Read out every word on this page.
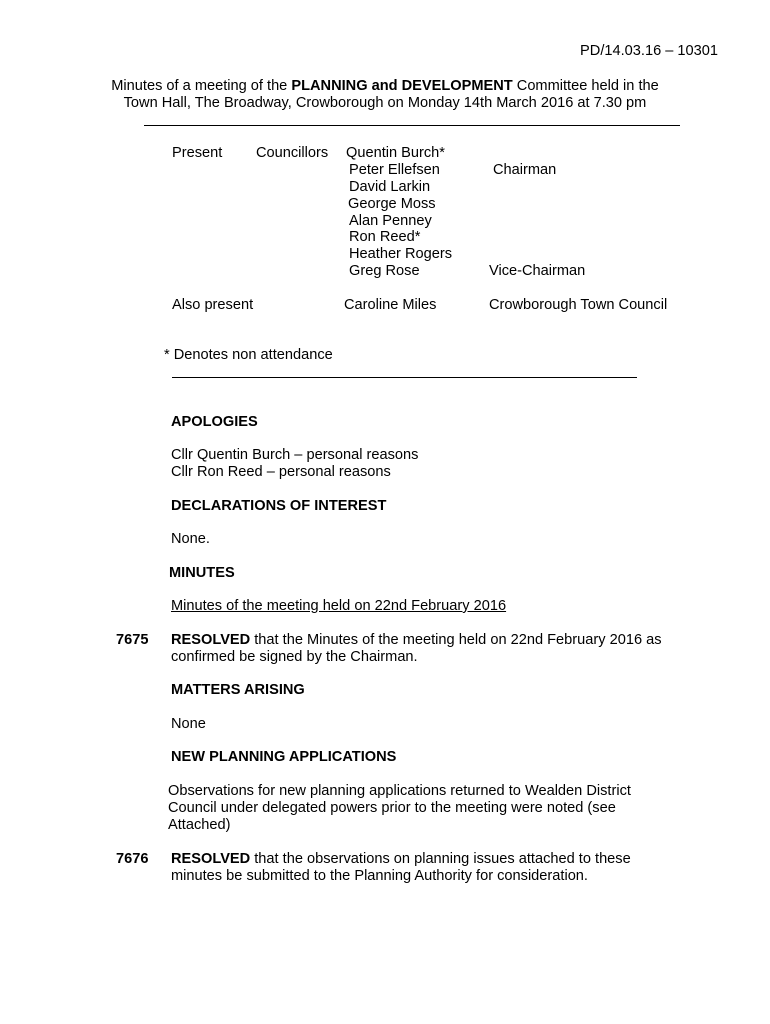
PD/14.03.16 – 10301
Minutes of a meeting of the PLANNING and DEVELOPMENT Committee held in the
Town Hall, The Broadway, Crowborough on Monday 14th March 2016 at 7.30 pm
Present Councillors Quentin Burch*
Peter Ellefsen	Chairman
David Larkin
George Moss
Alan Penney
Ron Reed*
Heather Rogers
Greg Rose	Vice-Chairman
Also present	Caroline Miles	Crowborough Town Council
* Denotes non attendance
APOLOGIES
Cllr Quentin Burch – personal reasons
Cllr Ron Reed – personal reasons
DECLARATIONS OF INTEREST
None.
MINUTES
Minutes of the meeting held on 22nd February 2016
7675 RESOLVED that the Minutes of the meeting held on 22nd February 2016 as
confirmed be signed by the Chairman.
MATTERS ARISING
None
NEW PLANNING APPLICATIONS
Observations for new planning applications returned to Wealden District
Council under delegated powers prior to the meeting were noted (see
Attached)
7676 RESOLVED that the observations on planning issues attached to these
minutes be submitted to the Planning Authority for consideration.
